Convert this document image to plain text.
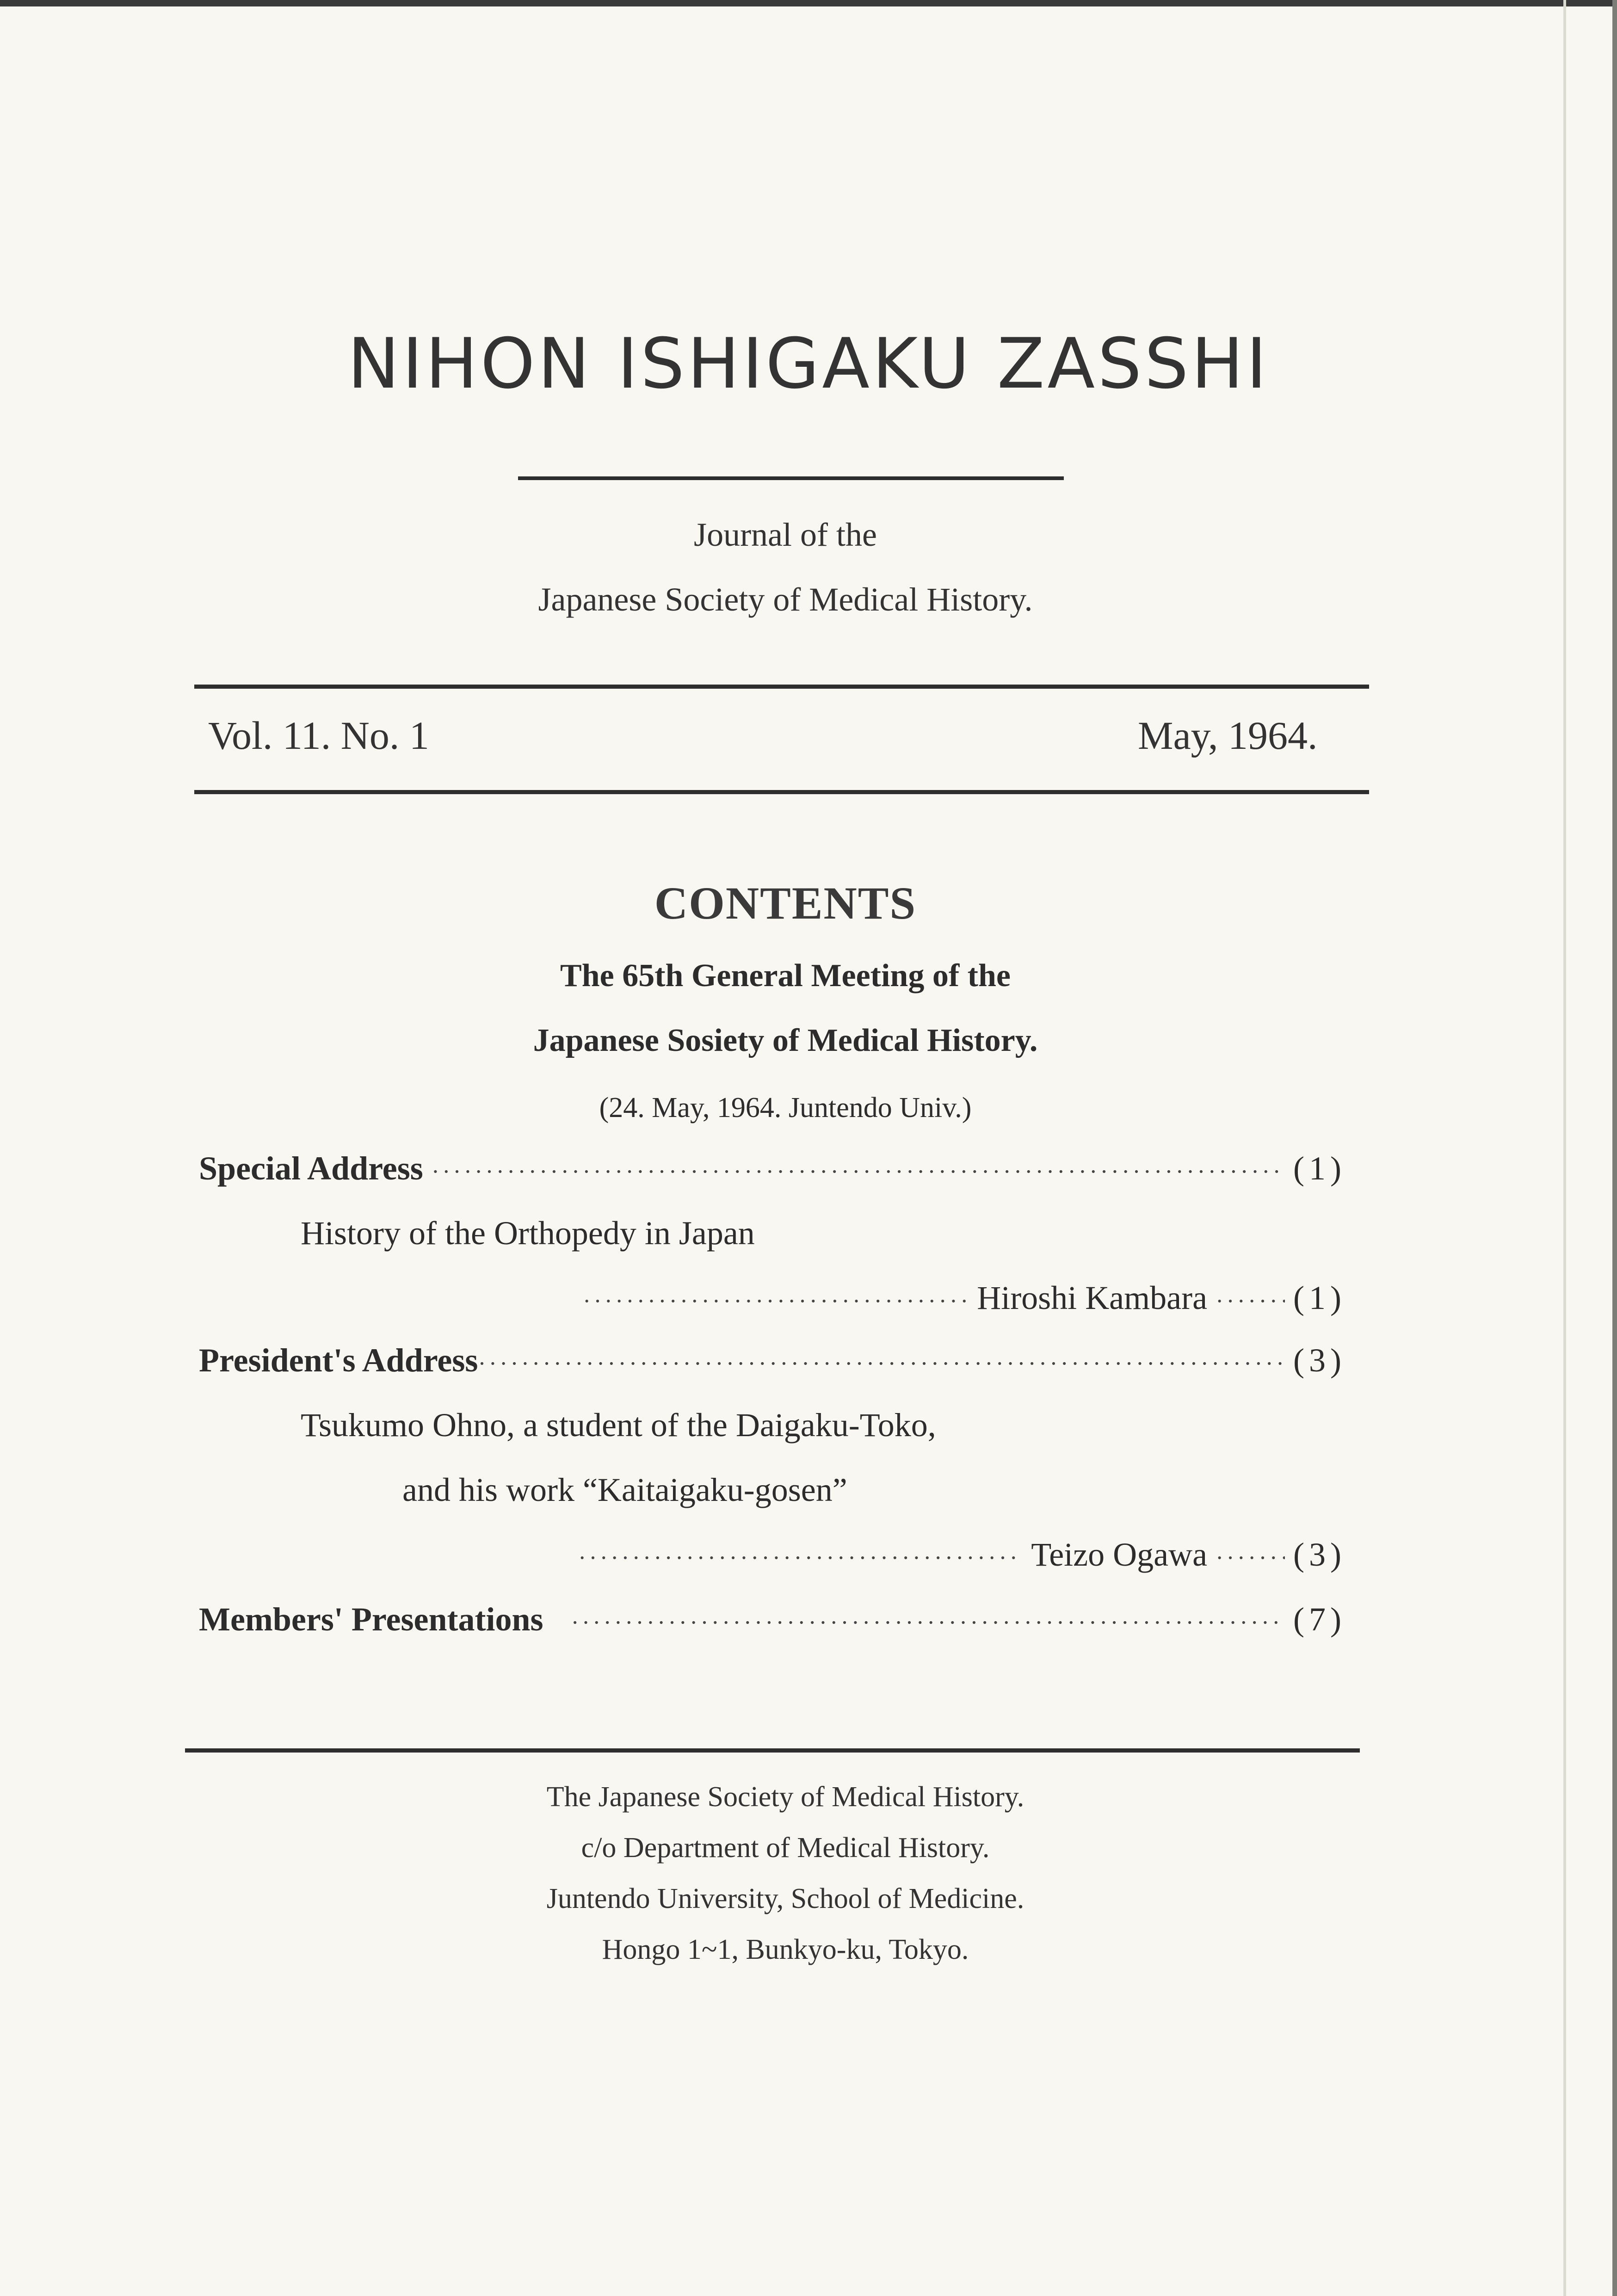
NIHON ISHIGAKU ZASSHI
Journal of the
Japanese Society of Medical History.
Vol. 11. No. 1	May, 1964.
CONTENTS
The 65th General Meeting of the
Japanese Sosiety of Medical History.
(24. May, 1964. Juntendo Univ.)
Special Address ·····	(1)
History of the Orthopedy in Japan
·····
Hiroshi Kambara ·····	(1)
President's Address ·····	(3)
Tsukumo Ohno, a student of the Daigaku-Toko,
and his work “Kaitaigaku-gosen”
·····
Teizo Ogawa ·····	(3)
Members' Presentations ·····	(7)
The Japanese Society of Medical History.
c/o Department of Medical History.
Juntendo University, School of Medicine.
Hongo 1~1, Bunkyo-ku, Tokyo.
